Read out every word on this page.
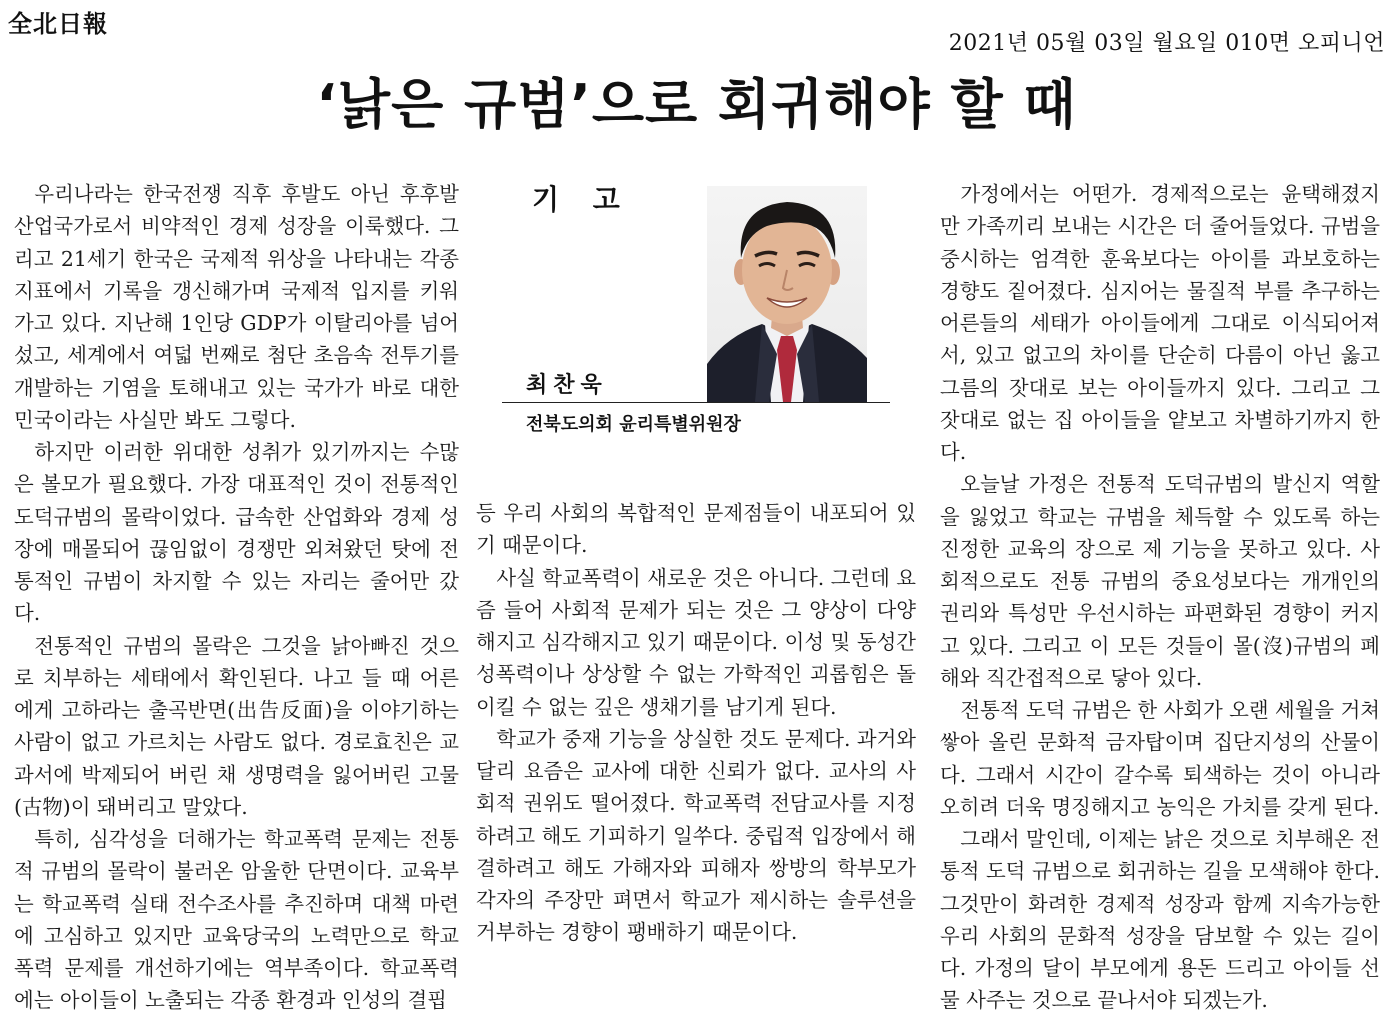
全北日報
2021년 05월 03일 월요일 010면 오피니언
‘낡은 규범’으로 회귀해야 할 때

우리나라는 한국전쟁 직후 후발도 아닌 후후발 산업국가로서 비약적인 경제 성장을 이룩했다. 그리고 21세기 한국은 국제적 위상을 나타내는 각종 지표에서 기록을 갱신해가며 국제적 입지를 키워가고 있다. 지난해 1인당 GDP가 이탈리아를 넘어섰고, 세계에서 여덟 번째로 첨단 초음속 전투기를 개발하는 기염을 토해내고 있는 국가가 바로 대한민국이라는 사실만 봐도 그렇다.

하지만 이러한 위대한 성취가 있기까지는 수많은 볼모가 필요했다. 가장 대표적인 것이 전통적인 도덕규범의 몰락이었다. 급속한 산업화와 경제 성장에 매몰되어 끊임없이 경쟁만 외쳐왔던 탓에 전통적인 규범이 차지할 수 있는 자리는 줄어만 갔다.

전통적인 규범의 몰락은 그것을 낡아빠진 것으로 치부하는 세태에서 확인된다. 나고 들 때 어른에게 고하라는 출곡반면(出告反面)을 이야기하는 사람이 없고 가르치는 사람도 없다. 경로효친은 교과서에 박제되어 버린 채 생명력을 잃어버린 고물(古物)이 돼버리고 말았다.

특히, 심각성을 더해가는 학교폭력 문제는 전통적 규범의 몰락이 불러온 암울한 단면이다. 교육부는 학교폭력 실태 전수조사를 추진하며 대책 마련에 고심하고 있지만 교육당국의 노력만으로 학교폭력 문제를 개선하기에는 역부족이다. 학교폭력에는 아이들이 노출되는 각종 환경과 인성의 결핍

기 고
최찬욱
전북도의회 윤리특별위원장

등 우리 사회의 복합적인 문제점들이 내포되어 있기 때문이다.

사실 학교폭력이 새로운 것은 아니다. 그런데 요즘 들어 사회적 문제가 되는 것은 그 양상이 다양해지고 심각해지고 있기 때문이다. 이성 및 동성간 성폭력이나 상상할 수 없는 가학적인 괴롭힘은 돌이킬 수 없는 깊은 생채기를 남기게 된다.

학교가 중재 기능을 상실한 것도 문제다. 과거와 달리 요즘은 교사에 대한 신뢰가 없다. 교사의 사회적 권위도 떨어졌다. 학교폭력 전담교사를 지정하려고 해도 기피하기 일쑤다. 중립적 입장에서 해결하려고 해도 가해자와 피해자 쌍방의 학부모가 각자의 주장만 펴면서 학교가 제시하는 솔루션을 거부하는 경향이 팽배하기 때문이다.

가정에서는 어떤가. 경제적으로는 윤택해졌지만 가족끼리 보내는 시간은 더 줄어들었다. 규범을 중시하는 엄격한 훈육보다는 아이를 과보호하는 경향도 짙어졌다. 심지어는 물질적 부를 추구하는 어른들의 세태가 아이들에게 그대로 이식되어져서, 있고 없고의 차이를 단순히 다름이 아닌 옳고 그름의 잣대로 보는 아이들까지 있다. 그리고 그 잣대로 없는 집 아이들을 얕보고 차별하기까지 한다.

오늘날 가정은 전통적 도덕규범의 발신지 역할을 잃었고 학교는 규범을 체득할 수 있도록 하는 진정한 교육의 장으로 제 기능을 못하고 있다. 사회적으로도 전통 규범의 중요성보다는 개개인의 권리와 특성만 우선시하는 파편화된 경향이 커지고 있다. 그리고 이 모든 것들이 몰(沒)규범의 폐해와 직간접적으로 닿아 있다.

전통적 도덕 규범은 한 사회가 오랜 세월을 거쳐 쌓아 올린 문화적 금자탑이며 집단지성의 산물이다. 그래서 시간이 갈수록 퇴색하는 것이 아니라 오히려 더욱 명징해지고 농익은 가치를 갖게 된다.

그래서 말인데, 이제는 낡은 것으로 치부해온 전통적 도덕 규범으로 회귀하는 길을 모색해야 한다. 그것만이 화려한 경제적 성장과 함께 지속가능한 우리 사회의 문화적 성장을 담보할 수 있는 길이다. 가정의 달이 부모에게 용돈 드리고 아이들 선물 사주는 것으로 끝나서야 되겠는가.
